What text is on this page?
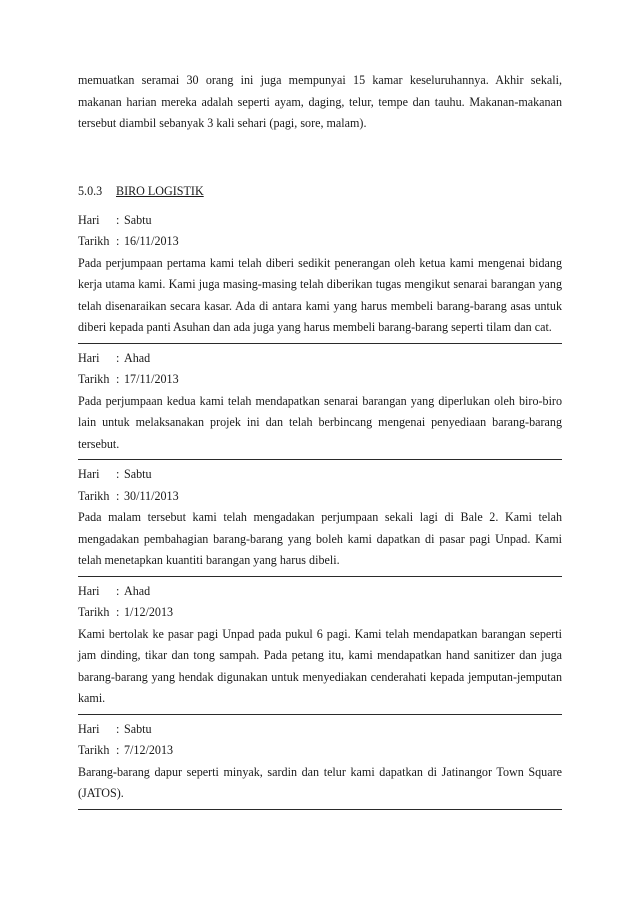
memuatkan seramai 30 orang ini juga mempunyai 15 kamar keseluruhannya. Akhir sekali, makanan harian mereka adalah seperti ayam, daging, telur, tempe dan tauhu. Makanan-makanan tersebut diambil sebanyak 3 kali sehari (pagi, sore, malam).

5.0.3	BIRO LOGISTIK
Hari	: Sabtu
Tarikh : 16/11/2013

Pada perjumpaan pertama kami telah diberi sedikit penerangan oleh ketua kami mengenai bidang kerja utama kami. Kami juga masing-masing telah diberikan tugas mengikut senarai barangan yang telah disenaraikan secara kasar. Ada di antara kami yang harus membeli barang-barang asas untuk diberi kepada panti Asuhan dan ada juga yang harus membeli barang-barang seperti tilam dan cat.

Hari	: Ahad
Tarikh : 17/11/2013

Pada perjumpaan kedua kami telah mendapatkan senarai barangan yang diperlukan oleh biro-biro lain untuk melaksanakan projek ini dan telah berbincang mengenai penyediaan barang-barang tersebut.

Hari	: Sabtu
Tarikh : 30/11/2013

Pada malam tersebut kami telah mengadakan perjumpaan sekali lagi di Bale 2. Kami telah mengadakan pembahagian barang-barang yang boleh kami dapatkan di pasar pagi Unpad. Kami telah menetapkan kuantiti barangan yang harus dibeli.

Hari	: Ahad
Tarikh : 1/12/2013

Kami bertolak ke pasar pagi Unpad pada pukul 6 pagi. Kami telah mendapatkan barangan seperti jam dinding, tikar dan tong sampah. Pada petang itu, kami mendapatkan hand sanitizer dan juga barang-barang yang hendak digunakan untuk menyediakan cenderahati kepada jemputan-jemputan kami.

Hari	: Sabtu
Tarikh : 7/12/2013

Barang-barang dapur seperti minyak, sardin dan telur kami dapatkan di Jatinangor Town Square (JATOS).
